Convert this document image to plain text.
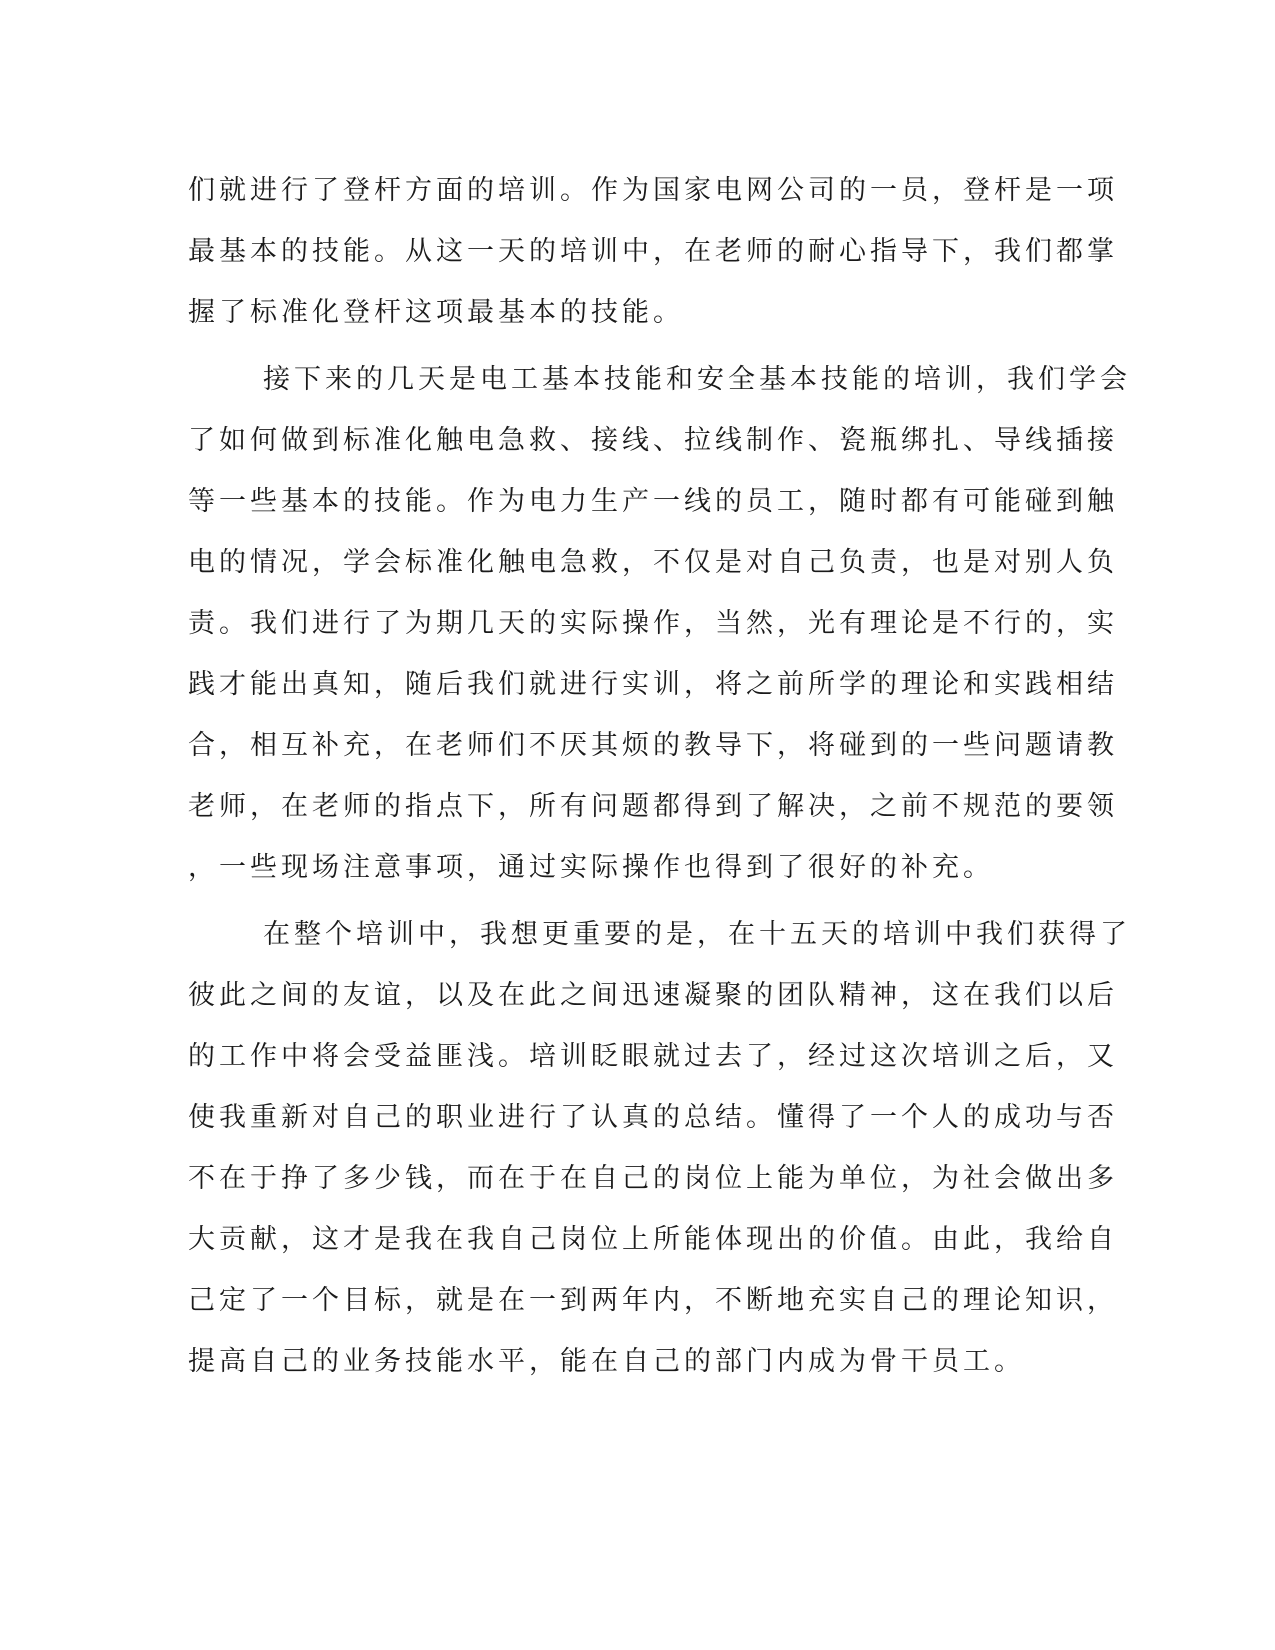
们就进行了登杆方面的培训。作为国家电网公司的一员，登杆是一项
最基本的技能。从这一天的培训中，在老师的耐心指导下，我们都掌
握了标准化登杆这项最基本的技能。
接下来的几天是电工基本技能和安全基本技能的培训，我们学会
了如何做到标准化触电急救、接线、拉线制作、瓷瓶绑扎、导线插接
等一些基本的技能。作为电力生产一线的员工，随时都有可能碰到触
电的情况，学会标准化触电急救，不仅是对自己负责，也是对别人负
责。我们进行了为期几天的实际操作，当然，光有理论是不行的，实
践才能出真知，随后我们就进行实训，将之前所学的理论和实践相结
合，相互补充，在老师们不厌其烦的教导下，将碰到的一些问题请教
老师，在老师的指点下，所有问题都得到了解决，之前不规范的要领
，一些现场注意事项，通过实际操作也得到了很好的补充。
在整个培训中，我想更重要的是，在十五天的培训中我们获得了
彼此之间的友谊，以及在此之间迅速凝聚的团队精神，这在我们以后
的工作中将会受益匪浅。培训眨眼就过去了，经过这次培训之后，又
使我重新对自己的职业进行了认真的总结。懂得了一个人的成功与否
不在于挣了多少钱，而在于在自己的岗位上能为单位，为社会做出多
大贡献，这才是我在我自己岗位上所能体现出的价值。由此，我给自
己定了一个目标，就是在一到两年内，不断地充实自己的理论知识，
提高自己的业务技能水平，能在自己的部门内成为骨干员工。
